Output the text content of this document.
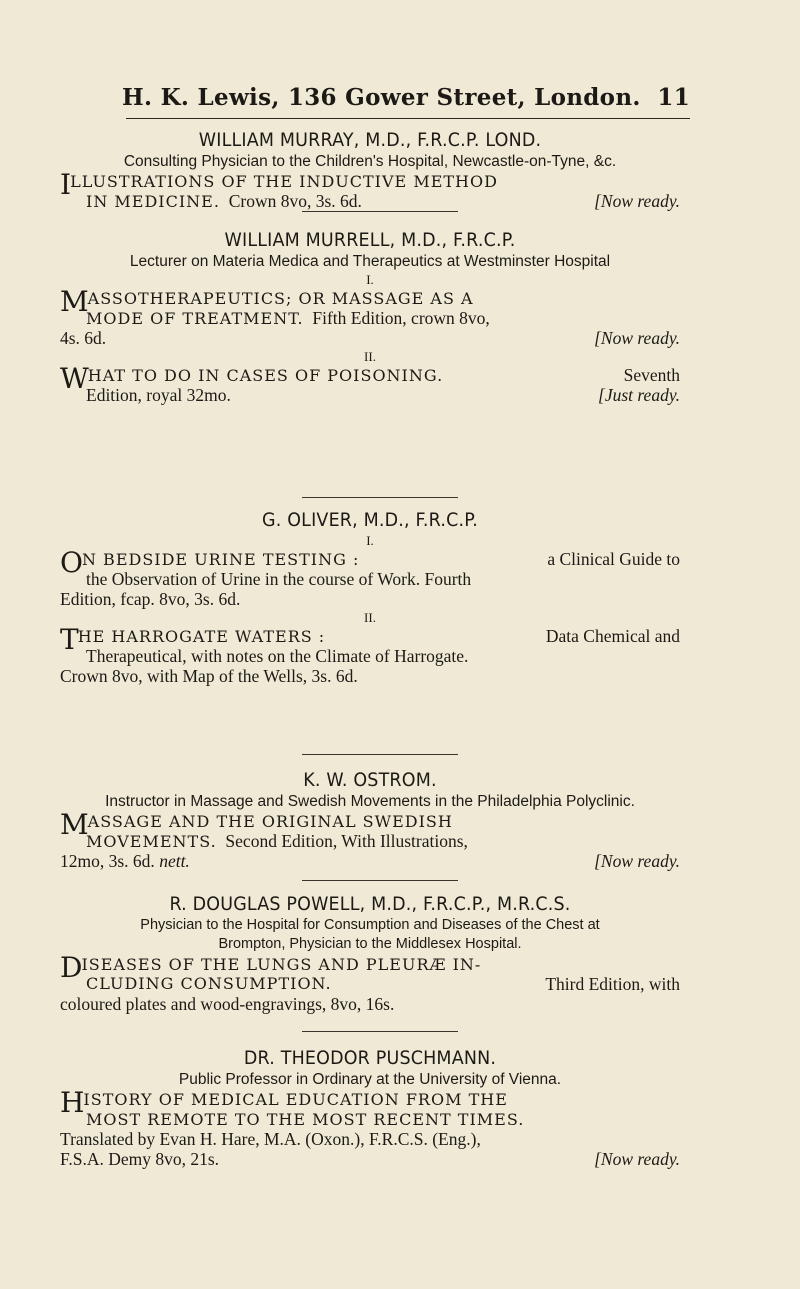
H. K. Lewis, 136 Gower Street, London. 11

WILLIAM MURRAY, M.D., F.R.C.P. LOND.

Consulting Physician to the Children's Hospital, Newcastle-on-Tyne, &c.

ILLUSTRATIONS OF THE INDUCTIVE METHOD
IN MEDICINE. Crown 8vo, 3s. 6d.	[Now ready.

WILLIAM MURRELL, M.D., F.R.C.P.

Lecturer on Materia Medica and Therapeutics at Westminster Hospital

I.

MASSOTHERAPEUTICS; OR MASSAGE AS A
MODE OF TREATMENT. Fifth Edition, crown 8vo,
4s. 6d.	[Now ready.

II.

WHAT TO DO IN CASES OF POISONING.	Seventh
Edition, royal 32mo.	[Just ready.

G. OLIVER, M.D., F.R.C.P.

I.

ON BEDSIDE URINE TESTING :	a Clinical Guide to
the Observation of Urine in the course of Work. Fourth
Edition, fcap. 8vo, 3s. 6d.

II.

THE HARROGATE WATERS :	Data Chemical and
Therapeutical, with notes on the Climate of Harrogate.
Crown 8vo, with Map of the Wells, 3s. 6d.

K. W. OSTROM.

Instructor in Massage and Swedish Movements in the Philadelphia Polyclinic.

MASSAGE AND THE ORIGINAL SWEDISH
MOVEMENTS. Second Edition, With Illustrations,
12mo, 3s. 6d. nett.	[Now ready.

R. DOUGLAS POWELL, M.D., F.R.C.P., M.R.C.S.

Physician to the Hospital for Consumption and Diseases of the Chest at

Brompton, Physician to the Middlesex Hospital.

DISEASES OF THE LUNGS AND PLEURÆ IN-
CLUDING CONSUMPTION.	Third Edition, with
coloured plates and wood-engravings, 8vo, 16s.

DR. THEODOR PUSCHMANN.

Public Professor in Ordinary at the University of Vienna.

HISTORY OF MEDICAL EDUCATION FROM THE
MOST REMOTE TO THE MOST RECENT TIMES.
Translated by Evan H. Hare, M.A. (Oxon.), F.R.C.S. (Eng.),
F.S.A. Demy 8vo, 21s.	[Now ready.
